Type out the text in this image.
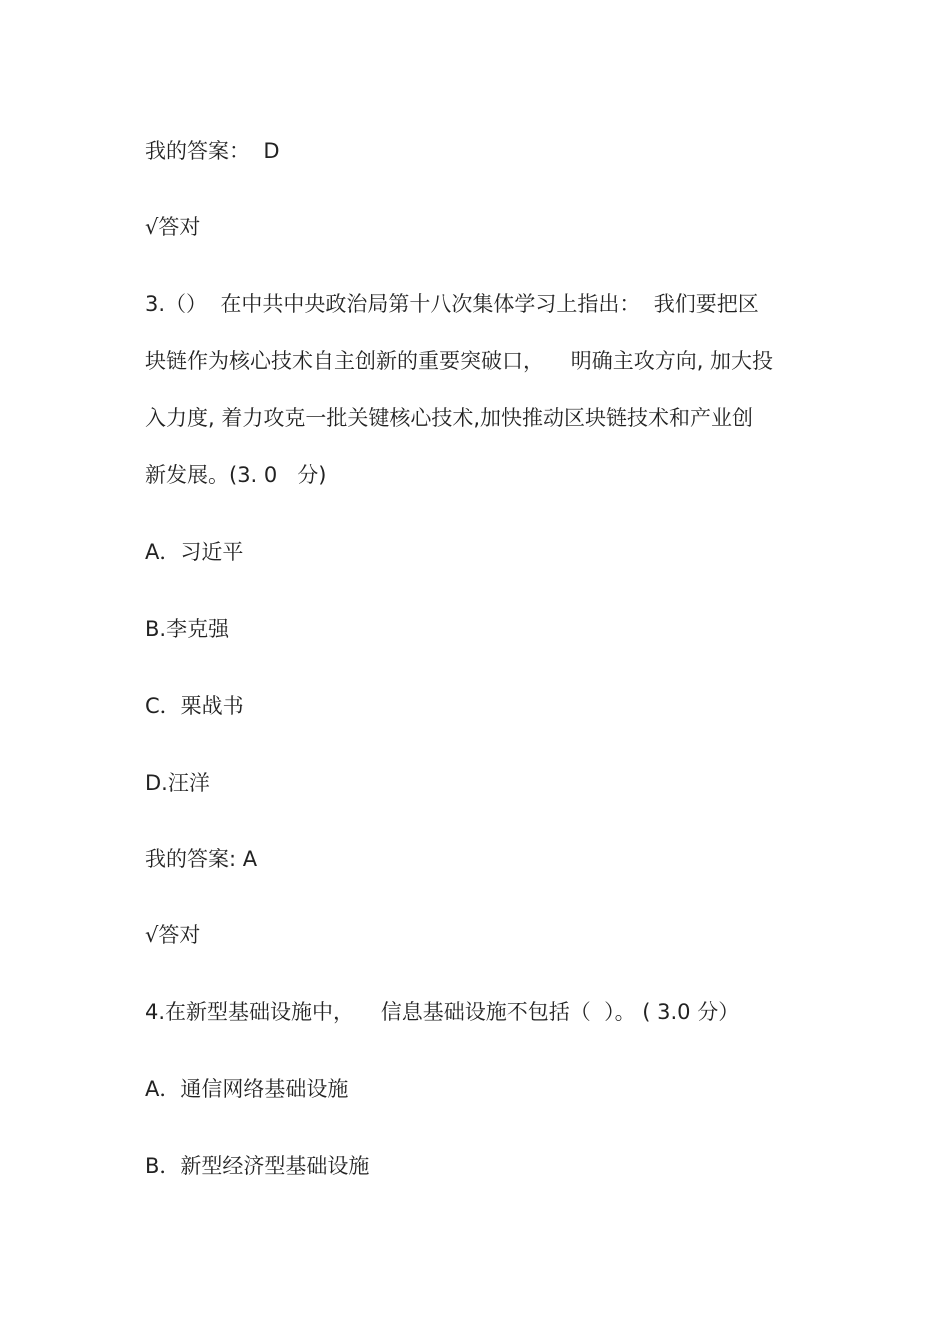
我的答案：  D
√答对
3.（）  在中共中央政治局第十八次集体学习上指出：  我们要把区
块链作为核心技术自主创新的重要突破口，    明确主攻方向, 加大投
入力度, 着力攻克一批关键核心技术,加快推动区块链技术和产业创
新发展。(3. 0   分)
A．习近平
B.李克强
C．栗战书
D.汪洋
我的答案: A
√答对
4.在新型基础设施中，    信息基础设施不包括（  ）。 ( 3.0 分）
A．通信网络基础设施
B．新型经济型基础设施
